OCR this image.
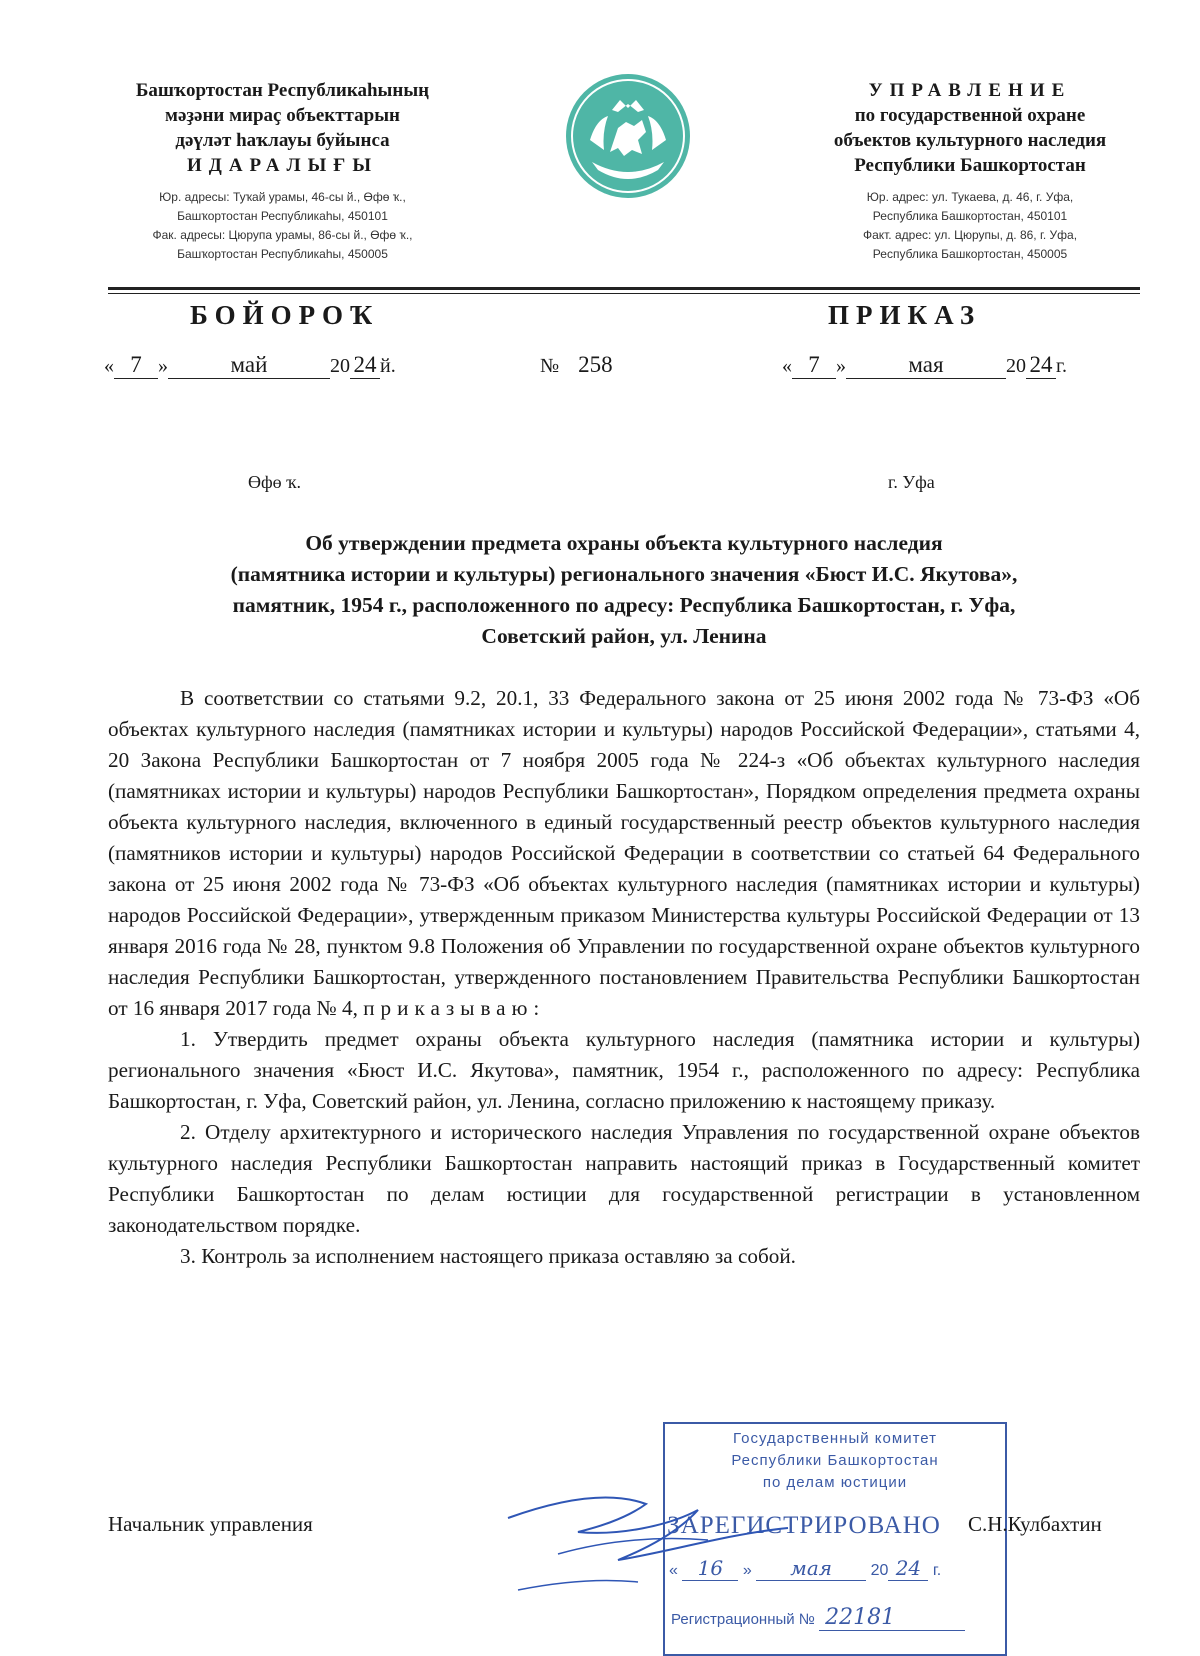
Башҡортостан Республикаһының
мәҙәни мираҫ объекттарын
дәүләт һаҡлауы буйынса
ИДАРАЛЫҒЫ
Юр. адресы: Туҡай урамы, 46-сы й., Өфө ҡ.,
Башҡортостан Республикаһы, 450101
Фак. адресы: Цюрупа урамы, 86-сы й., Өфө ҡ.,
Башҡортостан Республикаһы, 450005
УПРАВЛЕНИЕ
по государственной охране
объектов культурного наследия
Республики Башкортостан
Юр. адрес: ул. Тукаева, д. 46, г. Уфа,
Республика Башкортостан, 450101
Факт. адрес: ул. Цюрупы, д. 86, г. Уфа,
Республика Башкортостан, 450005
БОЙОРОҠ	ПРИКАЗ
« 7 »	май	20 24 й.	№ 258	« 7 »	мая	20 24 г.
Өфө ҡ.	г. Уфа
Об утверждении предмета охраны объекта культурного наследия
(памятника истории и культуры) регионального значения «Бюст И.С. Якутова»,
памятник, 1954 г., расположенного по адресу: Республика Башкортостан, г. Уфа,
Советский район, ул. Ленина

В соответствии со статьями 9.2, 20.1, 33 Федерального закона от 25 июня 2002 года № 73-ФЗ «Об объектах культурного наследия (памятниках истории и культуры) народов Российской Федерации», статьями 4, 20 Закона Республики Башкортостан от 7 ноября 2005 года № 224-з «Об объектах культурного наследия (памятниках истории и культуры) народов Республики Башкортостан», Порядком определения предмета охраны объекта культурного наследия, включенного в единый государственный реестр объектов культурного наследия (памятников истории и культуры) народов Российской Федерации в соответствии со статьей 64 Федерального закона от 25 июня 2002 года № 73-ФЗ «Об объектах культурного наследия (памятниках истории и культуры) народов Российской Федерации», утвержденным приказом Министерства культуры Российской Федерации от 13 января 2016 года № 28, пунктом 9.8 Положения об Управлении по государственной охране объектов культурного наследия Республики Башкортостан, утвержденного постановлением Правительства Республики Башкортостан от 16 января 2017 года № 4, приказываю:

1. Утвердить предмет охраны объекта культурного наследия (памятника истории и культуры) регионального значения «Бюст И.С. Якутова», памятник, 1954 г., расположенного по адресу: Республика Башкортостан, г. Уфа, Советский район, ул. Ленина, согласно приложению к настоящему приказу.

2. Отделу архитектурного и исторического наследия Управления по государственной охране объектов культурного наследия Республики Башкортостан направить настоящий приказ в Государственный комитет Республики Башкортостан по делам юстиции для государственной регистрации в установленном законодательством порядке.

3. Контроль за исполнением настоящего приказа оставляю за собой.

Государственный комитет
Республики Башкортостан
по делам юстиции
ЗАРЕГИСТРИРОВАНО
« 16 » мая 20 24 г.
Регистрационный № 22181
Начальник управления	С.Н.Кулбахтин
